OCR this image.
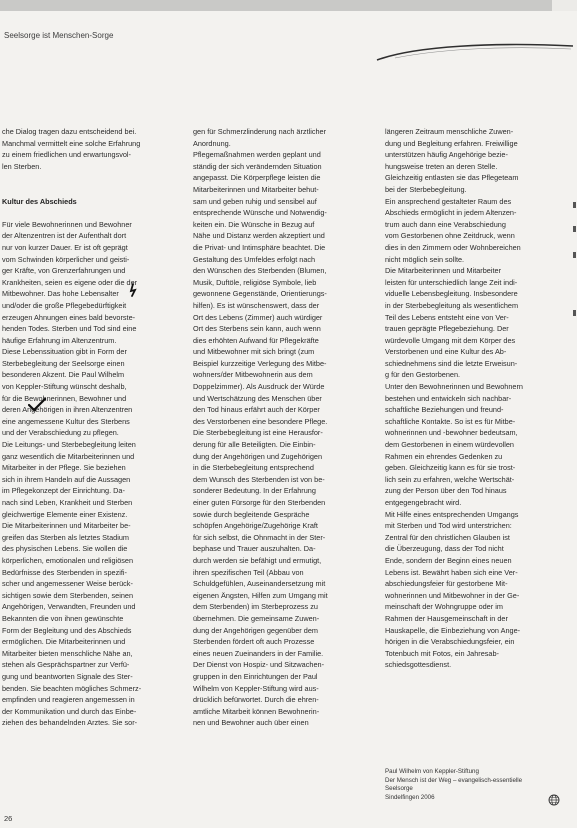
Seelsorge ist Menschen-Sorge

che Dialog tragen dazu entscheidend bei.

Manchmal vermittelt eine solche Erfahrung

zu einem friedlichen und erwartungsvol-

len Sterben.

Kultur des Abschieds

Für viele Bewohnerinnen und Bewohner

der Altenzentren ist der Aufenthalt dort

nur von kurzer Dauer. Er ist oft geprägt

vom Schwinden körperlicher und geisti-

ger Kräfte, von Grenzerfahrungen und

Krankheiten, seien es eigene oder die der

Mitbewohner. Das hohe Lebensalter

und/oder die große Pflegebedürftigkeit

erzeugen Ahnungen eines bald bevorste-

henden Todes. Sterben und Tod sind eine

häufige Erfahrung im Altenzentrum.

Diese Lebenssituation gibt in Form der

Sterbebegleitung der Seelsorge einen

besonderen Akzent. Die Paul Wilhelm

von Keppler-Stiftung wünscht deshalb,

für die Bewohnerinnen, Bewohner und

deren Angehörigen in ihren Altenzentren

eine angemessene Kultur des Sterbens

und der Verabschiedung zu pflegen.

Die Leitungs- und Sterbebegleitung leiten

ganz wesentlich die Mitarbeiterinnen und

Mitarbeiter in der Pflege. Sie beziehen

sich in ihrem Handeln auf die Aussagen

im Pflegekonzept der Einrichtung. Da-

nach sind Leben, Krankheit und Sterben

gleichwertige Elemente einer Existenz.

Die Mitarbeiterinnen und Mitarbeiter be-

greifen das Sterben als letztes Stadium

des physischen Lebens. Sie wollen die

körperlichen, emotionalen und religiösen

Bedürfnisse des Sterbenden in spezifi-

scher und angemessener Weise berück-

sichtigen sowie dem Sterbenden, seinen

Angehörigen, Verwandten, Freunden und

Bekannten die von ihnen gewünschte

Form der Begleitung und des Abschieds

ermöglichen. Die Mitarbeiterinnen und

Mitarbeiter bieten menschliche Nähe an,

stehen als Gesprächspartner zur Verfü-

gung und beantworten Signale des Ster-

benden. Sie beachten mögliches Schmerz-

empfinden und reagieren angemessen in

der Kommunikation und durch das Einbe-

ziehen des behandelnden Arztes. Sie sor-

gen für Schmerzlinderung nach ärztlicher

Anordnung.

Pflegemaßnahmen werden geplant und

ständig der sich verändernden Situation

angepasst. Die Körperpflege leisten die

Mitarbeiterinnen und Mitarbeiter behut-

sam und geben ruhig und sensibel auf

entsprechende Wünsche und Notwendig-

keiten ein. Die Wünsche in Bezug auf

Nähe und Distanz werden akzeptiert und

die Privat- und Intimsphäre beachtet. Die

Gestaltung des Umfeldes erfolgt nach

den Wünschen des Sterbenden (Blumen,

Musik, Duftöle, religiöse Symbole, lieb

gewonnene Gegenstände, Orientierungs-

hilfen). Es ist wünschenswert, dass der

Ort des Lebens (Zimmer) auch würdiger

Ort des Sterbens sein kann, auch wenn

dies erhöhten Aufwand für Pflegekräfte

und Mitbewohner mit sich bringt (zum

Beispiel kurzzeitige Verlegung des Mitbe-

wohners/der Mitbewohnerin aus dem

Doppelzimmer). Als Ausdruck der Würde

und Wertschätzung des Menschen über

den Tod hinaus erfährt auch der Körper

des Verstorbenen eine besondere Pflege.

Die Sterbebegleitung ist eine Herausfor-

derung für alle Beteiligten. Die Einbin-

dung der Angehörigen und Zugehörigen

in die Sterbebegleitung entsprechend

dem Wunsch des Sterbenden ist von be-

sonderer Bedeutung. In der Erfahrung

einer guten Fürsorge für den Sterbenden

sowie durch begleitende Gespräche

schöpfen Angehörige/Zugehörige Kraft

für sich selbst, die Ohnmacht in der Ster-

bephase und Trauer auszuhalten. Da-

durch werden sie befähigt und ermutigt,

ihren spezifischen Teil (Abbau von

Schuldgefühlen, Auseinandersetzung mit

eigenen Ängsten, Hilfen zum Umgang mit

dem Sterbenden) im Sterbeprozess zu

übernehmen. Die gemeinsame Zuwen-

dung der Angehörigen gegenüber dem

Sterbenden fördert oft auch Prozesse

eines neuen Zueinanders in der Familie.

Der Dienst von Hospiz- und Sitzwachen-

gruppen in den Einrichtungen der Paul

Wilhelm von Keppler-Stiftung wird aus-

drücklich befürwortet. Durch die ehren-

amtliche Mitarbeit können Bewohnerin-

nen und Bewohner auch über einen

längeren Zeitraum menschliche Zuwen-

dung und Begleitung erfahren. Freiwillige

unterstützen häufig Angehörige bezie-

hungsweise treten an deren Stelle.

Gleichzeitig entlasten sie das Pflegeteam

bei der Sterbebegleitung.

Ein ansprechend gestalteter Raum des

Abschieds ermöglicht in jedem Altenzen-

trum auch dann eine Verabschiedung

vom Gestorbenen ohne Zeitdruck, wenn

dies in den Zimmern oder Wohnbereichen

nicht möglich sein sollte.

Die Mitarbeiterinnen und Mitarbeiter

leisten für unterschiedlich lange Zeit indi-

viduelle Lebensbegleitung. Insbesondere

in der Sterbebegleitung als wesentlichem

Teil des Lebens entsteht eine von Ver-

trauen geprägte Pflegebeziehung. Der

würdevolle Umgang mit dem Körper des

Verstorbenen und eine Kultur des Ab-

schiednehmens sind die letzte Erweisun-

g für den Gestorbenen.

Unter den Bewohnerinnen und Bewohnern

bestehen und entwickeln sich nachbar-

schaftliche Beziehungen und freund-

schaftliche Kontakte. So ist es für Mitbe-

wohnerinnen und -bewohner bedeutsam,

dem Gestorbenen in einem würdevollen

Rahmen ein ehrendes Gedenken zu

geben. Gleichzeitig kann es für sie trost-

lich sein zu erfahren, welche Wertschät-

zung der Person über den Tod hinaus

entgegengebracht wird.

Mit Hilfe eines entsprechenden Umgangs

mit Sterben und Tod wird unterstrichen:

Zentral für den christlichen Glauben ist

die Überzeugung, dass der Tod nicht

Ende, sondern der Beginn eines neuen

Lebens ist. Bewährt haben sich eine Ver-

abschiedungsfeier für gestorbene Mit-

wohnerinnen und Mitbewohner in der Ge-

meinschaft der Wohngruppe oder im

Rahmen der Hausgemeinschaft in der

Hauskapelle, die Einbeziehung von Ange-

hörigen in die Verabschiedungsfeier, ein

Totenbuch mit Fotos, ein Jahresab-

schiedsgottesdienst.

Paul Wilhelm von Keppler-Stiftung

Der Mensch ist der Weg – evangelisch-essentielle

Seelsorge

Sindelfingen 2006

26
